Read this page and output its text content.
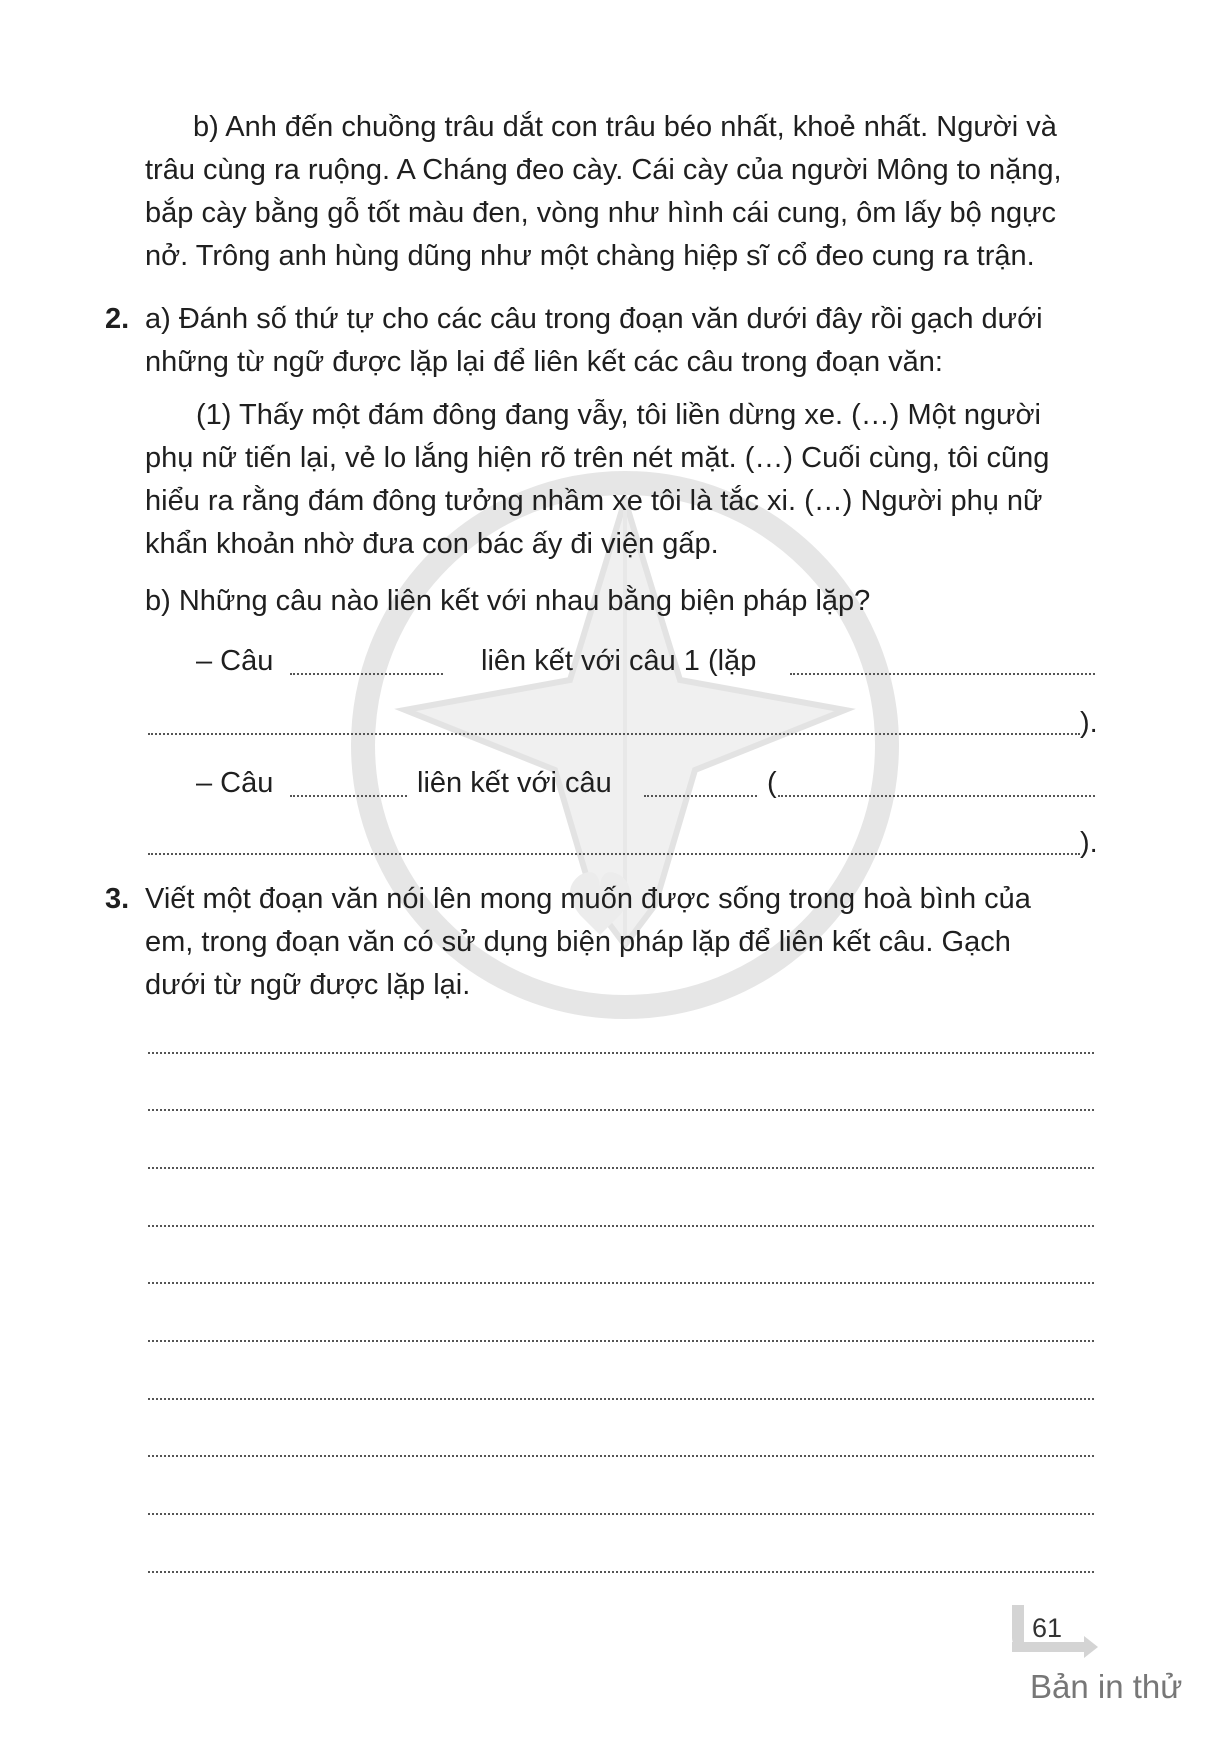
b) Anh đến chuồng trâu dắt con trâu béo nhất, khoẻ nhất. Người và
trâu cùng ra ruộng. A Cháng đeo cày. Cái cày của người Mông to nặng,
bắp cày bằng gỗ tốt màu đen, vòng như hình cái cung, ôm lấy bộ ngực
nở. Trông anh hùng dũng như một chàng hiệp sĩ cổ đeo cung ra trận.
2. a) Đánh số thứ tự cho các câu trong đoạn văn dưới đây rồi gạch dưới
những từ ngữ được lặp lại để liên kết các câu trong đoạn văn:
(1) Thấy một đám đông đang vẫy, tôi liền dừng xe. (…) Một người
phụ nữ tiến lại, vẻ lo lắng hiện rõ trên nét mặt. (…) Cuối cùng, tôi cũng
hiểu ra rằng đám đông tưởng nhầm xe tôi là tắc xi. (…) Người phụ nữ
khẩn khoản nhờ đưa con bác ấy đi viện gấp.
b) Những câu nào liên kết với nhau bằng biện pháp lặp?
– Câu	liên kết với câu 1 (lặp
).
– Câu	liên kết với câu	(
).
3. Viết một đoạn văn nói lên mong muốn được sống trong hoà bình của
em, trong đoạn văn có sử dụng biện pháp lặp để liên kết câu. Gạch
dưới từ ngữ được lặp lại.
61
Bản in thử
